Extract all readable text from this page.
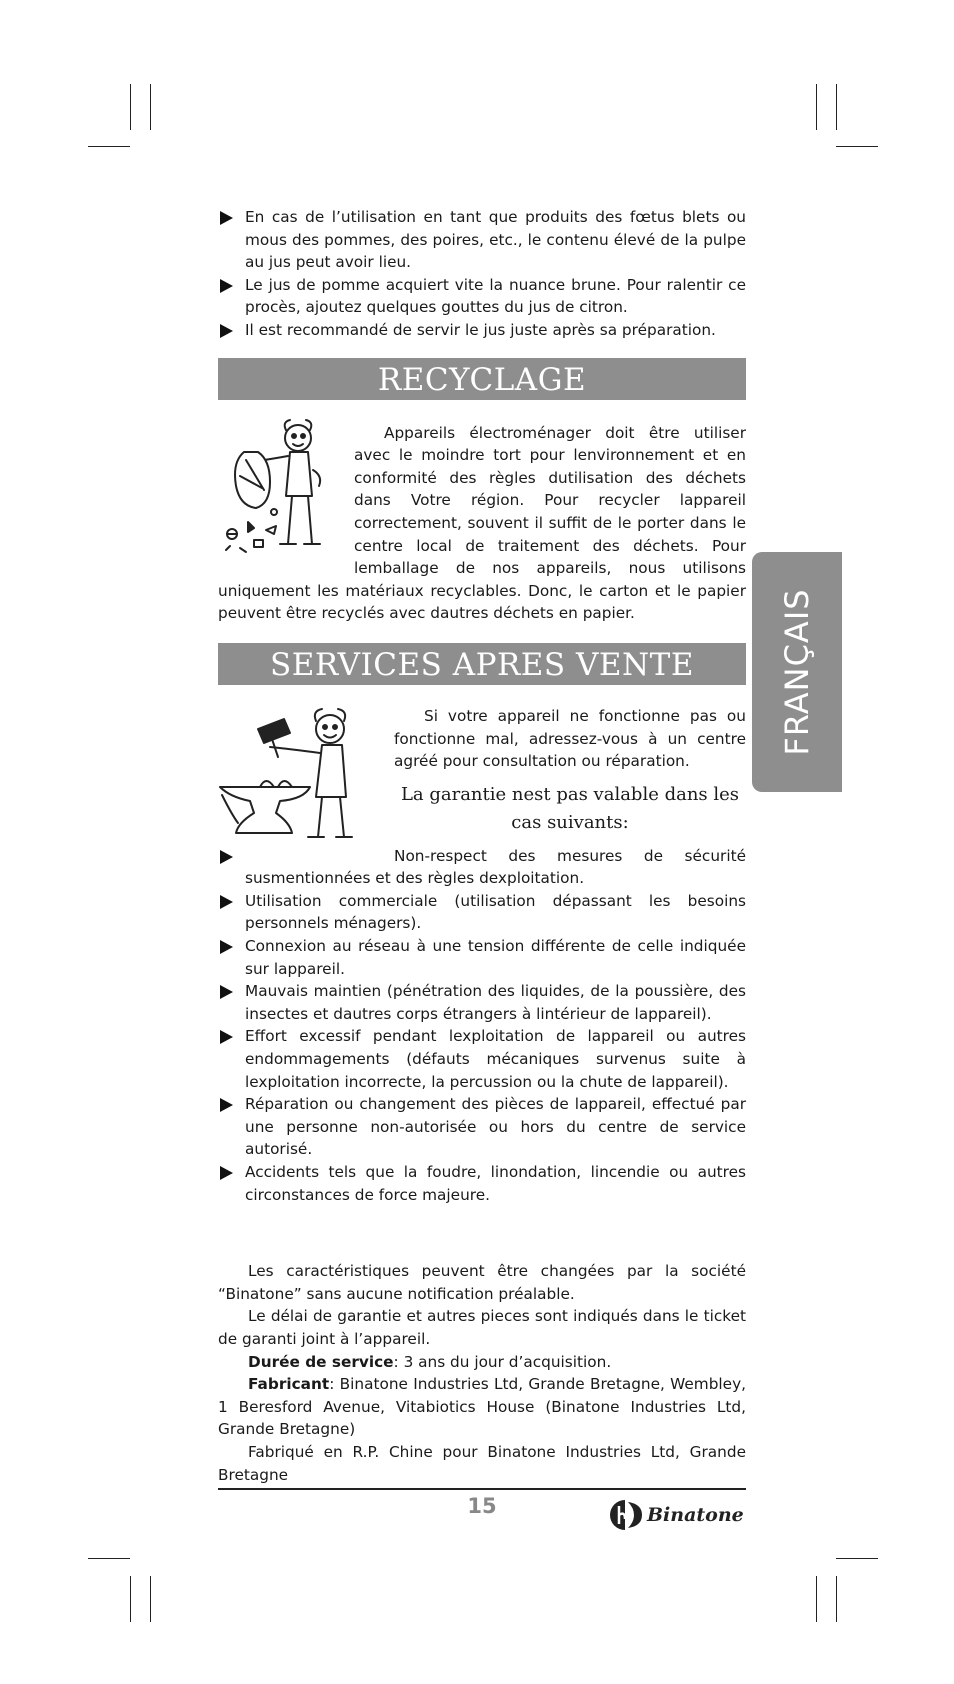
En cas de l’utilisation en tant que produits des fœtus blets ou mous des pommes, des poires, etc., le contenu élevé de la pulpe au jus peut avoir lieu.
Le jus de pomme acquiert vite la nuance brune. Pour ralentir ce procès, ajoutez quelques gouttes du jus de citron.
Il est recommandé de servir le jus juste après sa préparation.
RECYCLAGE

Appareils électroménager doit être utiliser avec le moindre tort pour lenvironnement et en conformité des règles dutilisation des déchets dans Votre région. Pour recycler lappareil correctement, souvent il suffit de le porter dans le centre local de traitement des déchets. Pour lemballage de nos appareils, nous utilisons uniquement les matériaux recyclables. Donc, le carton et le papier peuvent être recyclés avec dautres déchets en papier.

SERVICES APRES VENTE

Si votre appareil ne fonctionne pas ou fonctionne mal, adressez-vous à un centre agréé pour consultation ou réparation.

La garantie nest pas valable dans les cas suivants:
Non-respect des mesures de sécurité susmentionnées et des règles dexploitation.
Utilisation commerciale (utilisation dépassant les besoins personnels ménagers).
Connexion au réseau à une tension différente de celle indiquée sur lappareil.
Mauvais maintien (pénétration des liquides, de la poussière, des insectes et dautres corps étrangers à lintérieur de lappareil).
Effort excessif pendant lexploitation de lappareil ou autres endommagements (défauts mécaniques survenus suite à lexploitation incorrecte, la percussion ou la chute de lappareil).
Réparation ou changement des pièces de lappareil, effectué par une personne non-autorisée ou hors du centre de service autorisé.
Accidents tels que la foudre, linondation, lincendie ou autres circonstances de force majeure.

Les caractéristiques peuvent être changées par la société “Binatone” sans aucune notification préalable.

Le délai de garantie et autres pieces sont indiqués dans le ticket de garanti joint à l’appareil.

Durée de service: 3 ans du jour d’acquisition.

Fabricant: Binatone Industries Ltd, Grande Bretagne, Wembley, 1 Beresford Avenue, Vitabiotics House (Binatone Industries Ltd, Grande Bretagne)

Fabriqué en R.P. Chine pour Binatone Industries Ltd, Grande Bretagne

15	Binatone
FRANÇAIS
